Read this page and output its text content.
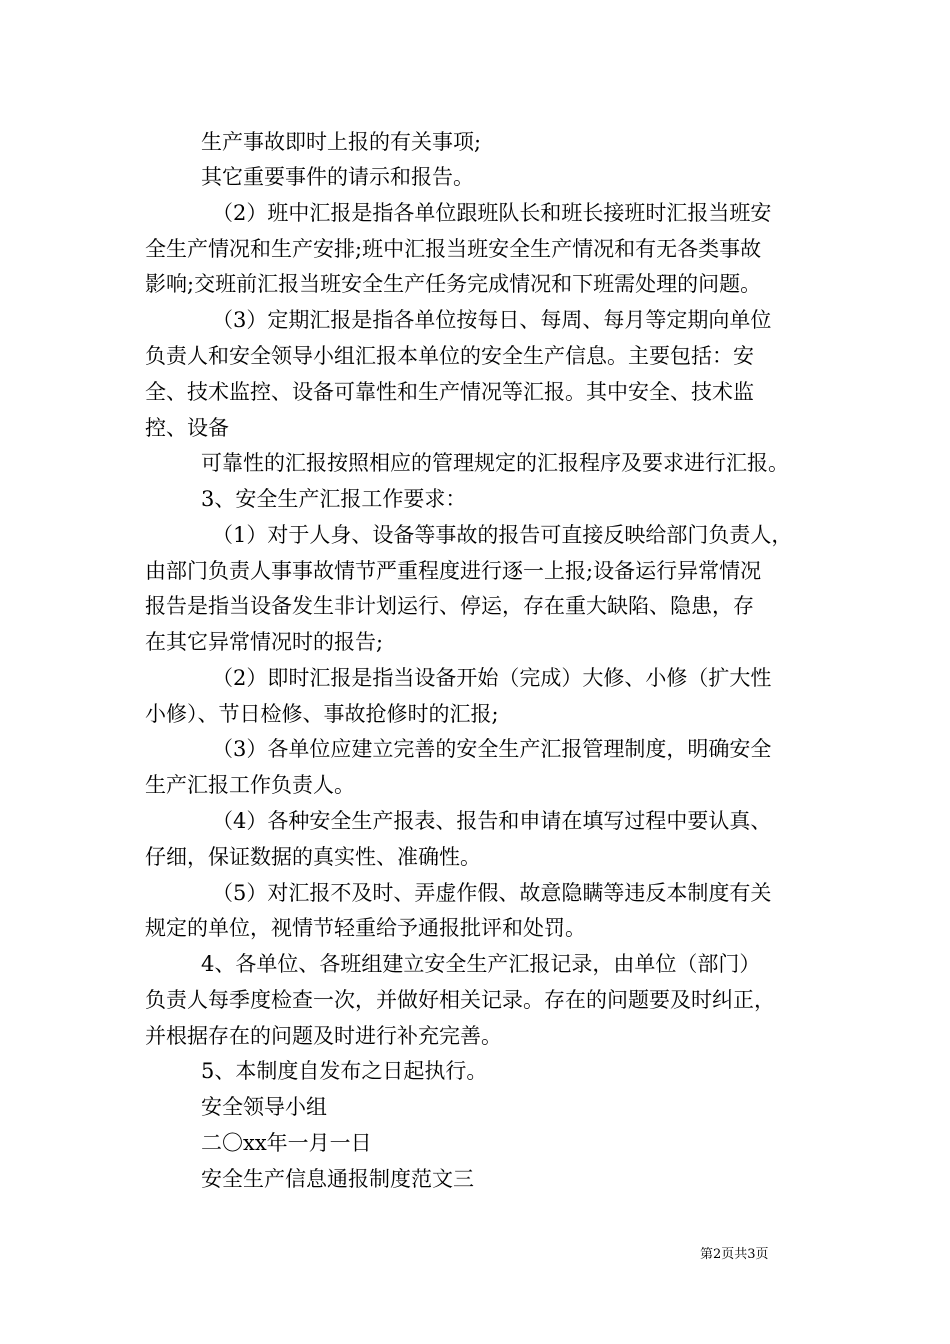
生产事故即时上报的有关事项;
其它重要事件的请示和报告。
（2）班中汇报是指各单位跟班队长和班长接班时汇报当班安
全生产情况和生产安排;班中汇报当班安全生产情况和有无各类事故
影响;交班前汇报当班安全生产任务完成情况和下班需处理的问题。
（3）定期汇报是指各单位按每日、每周、每月等定期向单位
负责人和安全领导小组汇报本单位的安全生产信息。主要包括：安
全、技术监控、设备可靠性和生产情况等汇报。其中安全、技术监
控、设备
可靠性的汇报按照相应的管理规定的汇报程序及要求进行汇报。
3、安全生产汇报工作要求：
（1）对于人身、设备等事故的报告可直接反映给部门负责人，
由部门负责人事事故情节严重程度进行逐一上报;设备运行异常情况
报告是指当设备发生非计划运行、停运，存在重大缺陷、隐患，存
在其它异常情况时的报告;
（2）即时汇报是指当设备开始（完成）大修、小修（扩大性
小修）、节日检修、事故抢修时的汇报;
（3）各单位应建立完善的安全生产汇报管理制度，明确安全
生产汇报工作负责人。
（4）各种安全生产报表、报告和申请在填写过程中要认真、
仔细，保证数据的真实性、准确性。
（5）对汇报不及时、弄虚作假、故意隐瞒等违反本制度有关
规定的单位，视情节轻重给予通报批评和处罚。
4、各单位、各班组建立安全生产汇报记录，由单位（部门）
负责人每季度检查一次，并做好相关记录。存在的问题要及时纠正，
并根据存在的问题及时进行补充完善。
5、本制度自发布之日起执行。
安全领导小组
二〇xx年一月一日
安全生产信息通报制度范文三
第2页共3页
